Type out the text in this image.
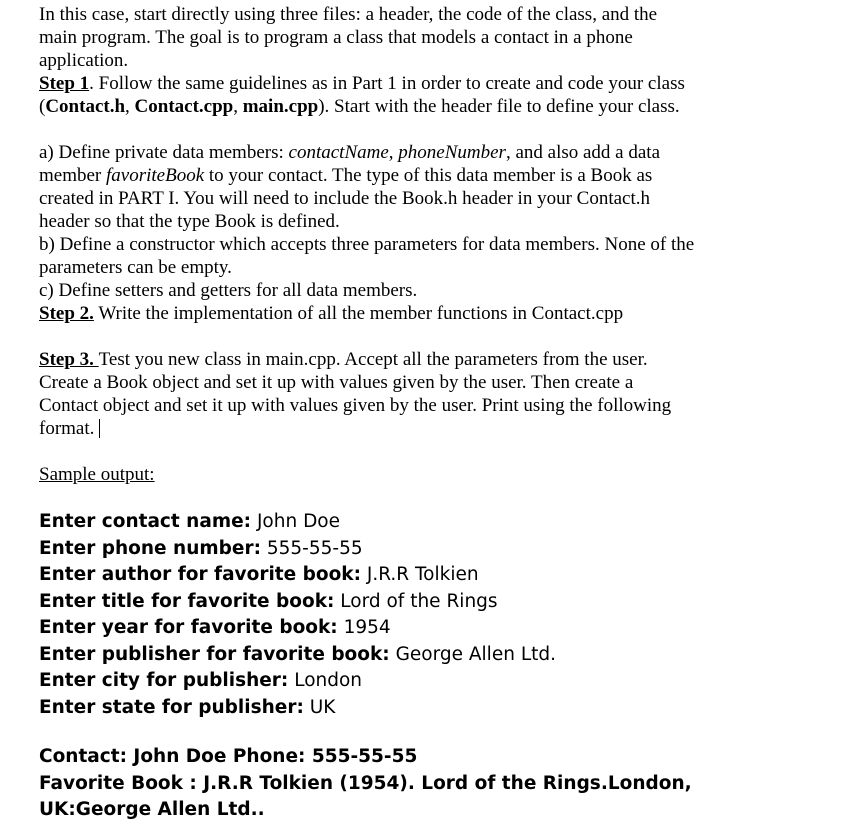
In this case, start directly using three files: a header, the code of the class, and the

main program. The goal is to program a class that models a contact in a phone

application.

Step 1. Follow the same guidelines as in Part 1 in order to create and code your class

(Contact.h, Contact.cpp, main.cpp). Start with the header file to define your class.

a) Define private data members: contactName, phoneNumber, and also add a data

member favoriteBook to your contact. The type of this data member is a Book as

created in PART I. You will need to include the Book.h header in your Contact.h

header so that the type Book is defined.

b) Define a constructor which accepts three parameters for data members. None of the

parameters can be empty.

c) Define setters and getters for all data members.

Step 2. Write the implementation of all the member functions in Contact.cpp

Step 3. Test you new class in main.cpp. Accept all the parameters from the user.

Create a Book object and set it up with values given by the user. Then create a

Contact object and set it up with values given by the user. Print using the following

format.

Sample output:

Enter contact name: John Doe

Enter phone number: 555-55-55

Enter author for favorite book: J.R.R Tolkien

Enter title for favorite book: Lord of the Rings

Enter year for favorite book: 1954

Enter publisher for favorite book: George Allen Ltd.

Enter city for publisher: London

Enter state for publisher: UK

Contact: John Doe Phone: 555-55-55

Favorite Book : J.R.R Tolkien (1954). Lord of the Rings.London,

UK:George Allen Ltd..
